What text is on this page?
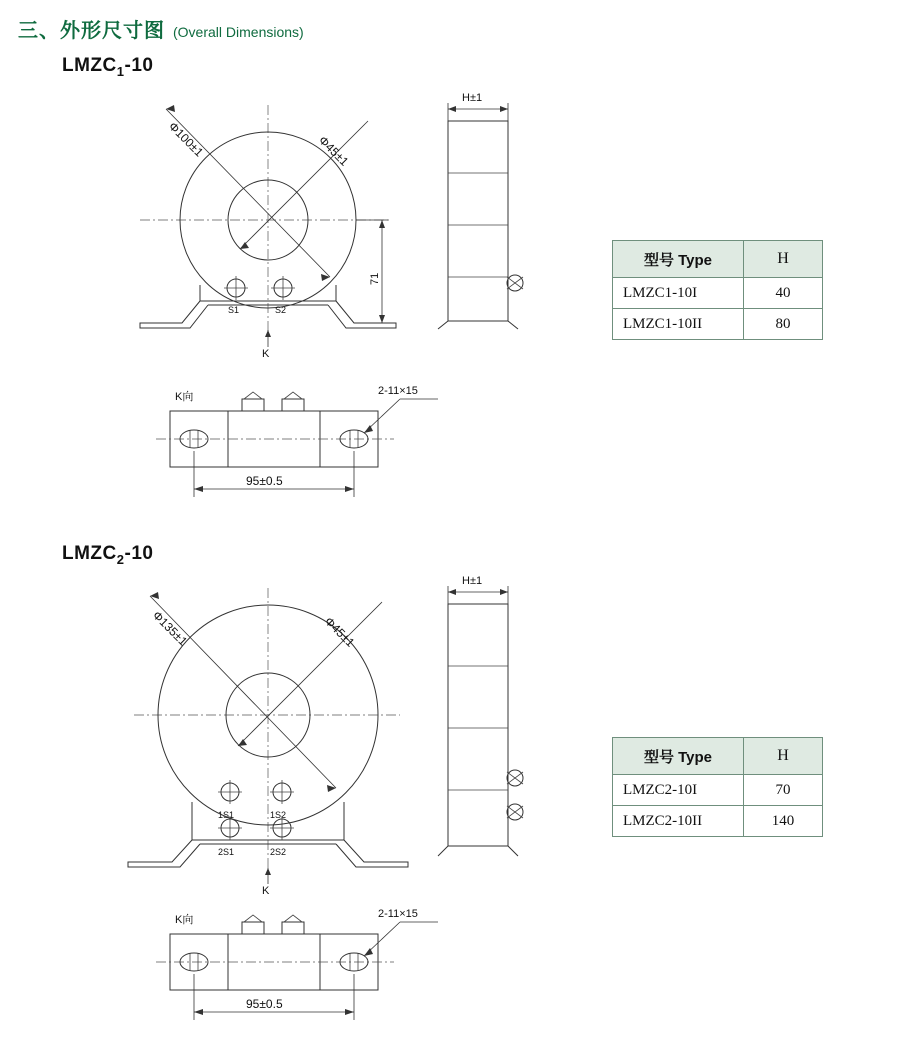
三、外形尺寸图 (Overall Dimensions)
$LMZC_1-10$
S1	S2
K
Φ100±1	Φ45±1
71
H±1
型号 Type	H
LMZC1-10I	40
LMZC1-10II	80
K向	2-11×15
95±0.5
$LMZC_2-10$
1S1	1S2
2S1	2S2
K
Φ135±1	Φ45±1
H±1
型号 Type	H
LMZC2-10I	70
LMZC2-10II	140
K向	2-11×15
95±0.5
